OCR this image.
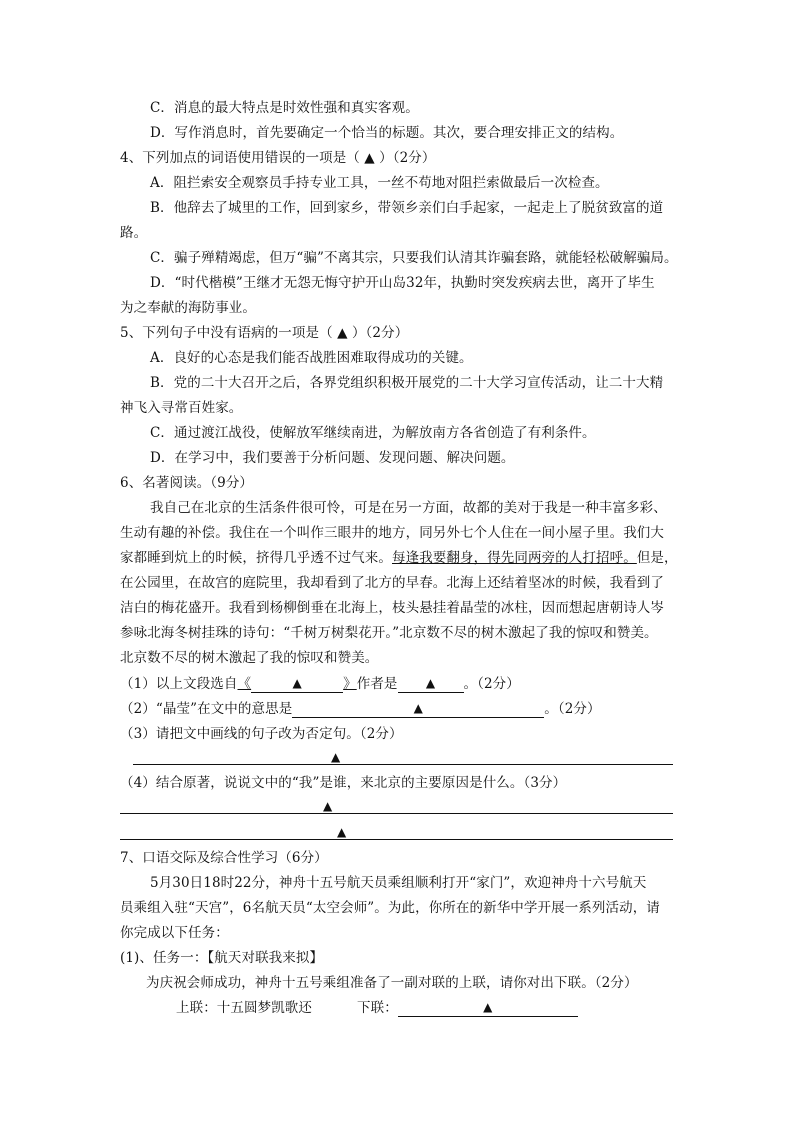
C．消息的最大特点是时效性强和真实客观。
D．写作消息时，首先要确定一个恰当的标题。其次，要合理安排正文的结构。
4、下列加点的词语使用错误的一项是（ ▲ ）（2分）
A．阻拦索安全观察员手持专业工具，一丝不苟地对阻拦索做最后一次检查。
B．他辞去了城里的工作，回到家乡，带领乡亲们白手起家，一起走上了脱贫致富的道
路。
C．骗子殚精竭虑，但万“骗”不离其宗，只要我们认清其诈骗套路，就能轻松破解骗局。
D．“时代楷模”王继才无怨无悔守护开山岛32年，执勤时突发疾病去世，离开了毕生
为之奉献的海防事业。
5、下列句子中没有语病的一项是（ ▲ ）（2分）
A．良好的心态是我们能否战胜困难取得成功的关键。
B．党的二十大召开之后，各界党组织积极开展党的二十大学习宣传活动，让二十大精
神飞入寻常百姓家。
C．通过渡江战役，使解放军继续南进，为解放南方各省创造了有利条件。
D．在学习中，我们要善于分析问题、发现问题、解决问题。
6、名著阅读。（9分）
我自己在北京的生活条件很可怜，可是在另一方面，故都的美对于我是一种丰富多彩、
生动有趣的补偿。我住在一个叫作三眼井的地方，同另外七个人住在一间小屋子里。我们大
家都睡到炕上的时候，挤得几乎透不过气来。每逢我要翻身，得先同两旁的人打招呼。但是，
在公园里，在故宫的庭院里，我却看到了北方的早春。北海上还结着坚冰的时候，我看到了
洁白的梅花盛开。我看到杨柳倒垂在北海上，枝头悬挂着晶莹的冰柱，因而想起唐朝诗人岑
参咏北海冬树挂珠的诗句：“千树万树梨花开。”北京数不尽的树木激起了我的惊叹和赞美。
北京数不尽的树木激起了我的惊叹和赞美。
（1）以上文段选自《	▲	》作者是 ▲ 。（2分）
（2）“晶莹”在文中的意思是	▲	。（2分）
（3）请把文中画线的句子改为否定句。（2分）
▲
（4）结合原著，说说文中的“我”是谁，来北京的主要原因是什么。（3分）
▲
▲
7、口语交际及综合性学习（6分）
5月30日18时22分，神舟十五号航天员乘组顺利打开“家门”，欢迎神舟十六号航天
员乘组入驻“天宫”，6名航天员“太空会师”。为此，你所在的新华中学开展一系列活动，请
你完成以下任务：
(1)、任务一：【航天对联我来拟】
为庆祝会师成功，神舟十五号乘组准备了一副对联的上联，请你对出下联。（2分）
上联：十五圆梦凯歌还	下联：	▲
